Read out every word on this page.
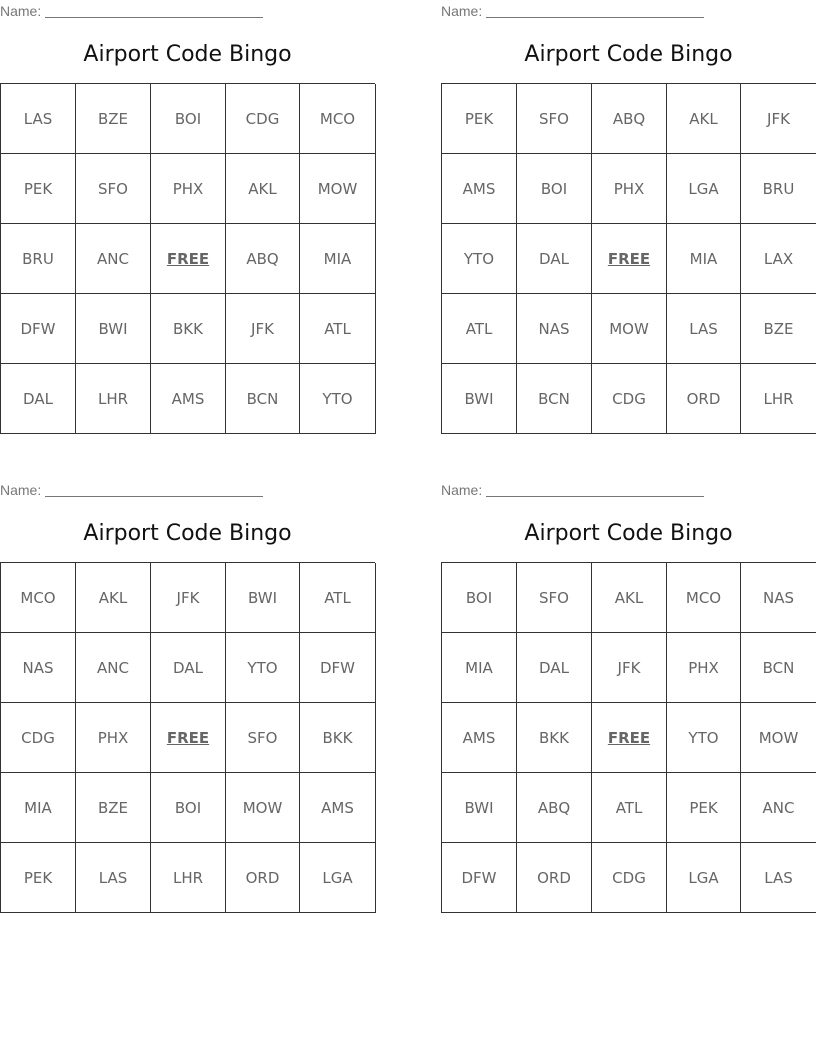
Name:
Airport Code Bingo
LAS	BZE	BOI	CDG	MCO
PEK	SFO	PHX	AKL	MOW
BRU	ANC	FREE	ABQ	MIA
DFW	BWI	BKK	JFK	ATL
DAL	LHR	AMS	BCN	YTO
Name:
Airport Code Bingo
PEK	SFO	ABQ	AKL	JFK
AMS	BOI	PHX	LGA	BRU
YTO	DAL	FREE	MIA	LAX
ATL	NAS	MOW	LAS	BZE
BWI	BCN	CDG	ORD	LHR
Name:
Airport Code Bingo
MCO	AKL	JFK	BWI	ATL
NAS	ANC	DAL	YTO	DFW
CDG	PHX	FREE	SFO	BKK
MIA	BZE	BOI	MOW	AMS
PEK	LAS	LHR	ORD	LGA
Name:
Airport Code Bingo
BOI	SFO	AKL	MCO	NAS
MIA	DAL	JFK	PHX	BCN
AMS	BKK	FREE	YTO	MOW
BWI	ABQ	ATL	PEK	ANC
DFW	ORD	CDG	LGA	LAS
